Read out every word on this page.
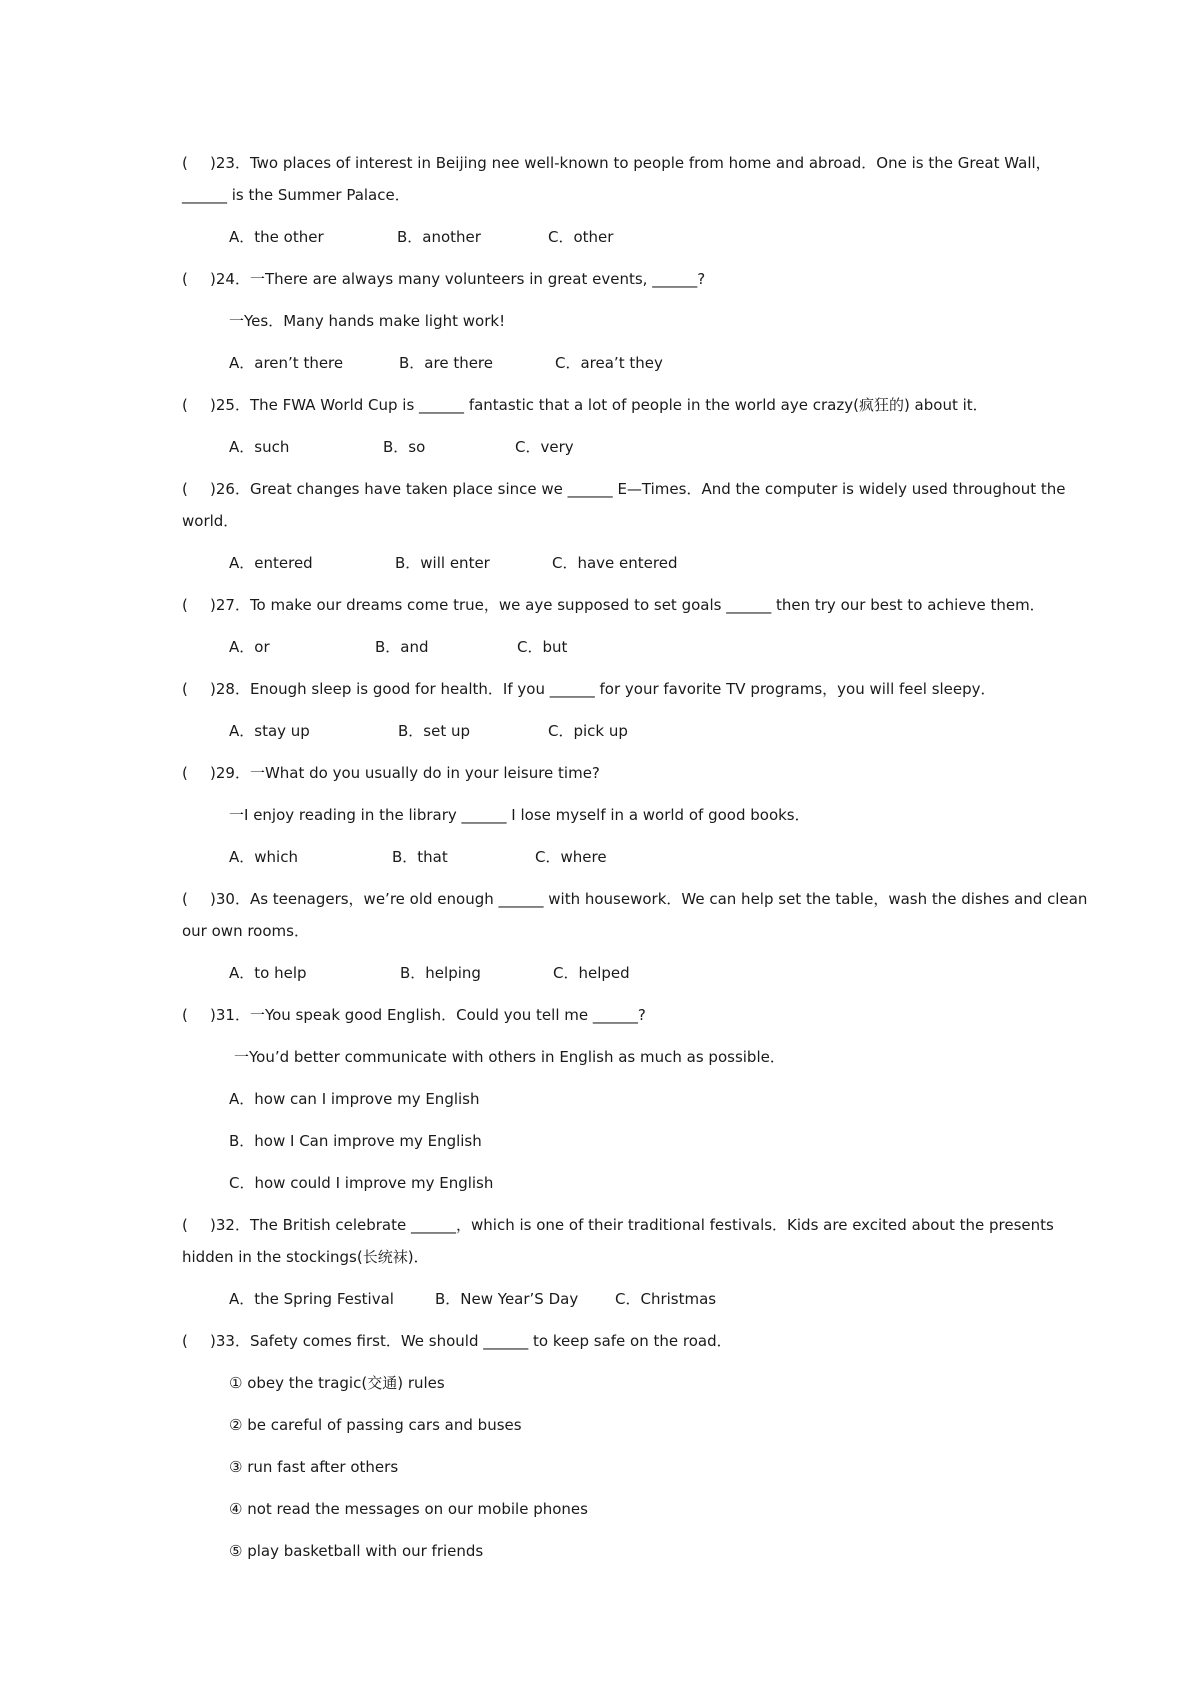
( )23．Two places of interest in Beijing nee well-known to people from home and abroad．One is the Great Wall，
______ is the Summer Palace．
A．the other	B．another	C．other
( )24．一There are always many volunteers in great events, ______?
一Yes．Many hands make light work!
A．aren’t there	B．are there	C．area’t they
( )25．The FWA World Cup is ______ fantastic that a lot of people in the world aye crazy(疯狂的) about it．
A．such	B．so	C．very
( )26．Great changes have taken place since we ______ E—Times．And the computer is widely used throughout the
world．
A．entered	B．will enter	C．have entered
( )27．To make our dreams come true，we aye supposed to set goals ______ then try our best to achieve them．
A．or	B．and	C．but
( )28．Enough sleep is good for health．If you ______ for your favorite TV programs，you will feel sleepy．
A．stay up	B．set up	C．pick up
( )29．一What do you usually do in your leisure time?
一I enjoy reading in the library ______ I lose myself in a world of good books．
A．which	B．that	C．where
( )30．As teenagers，we’re old enough ______ with housework．We can help set the table，wash the dishes and clean
our own rooms．
A．to help	B．helping	C．helped
( )31．一You speak good English．Could you tell me ______?
一You’d better communicate with others in English as much as possible．
A．how can I improve my English
B．how I Can improve my English
C．how could I improve my English
( )32．The British celebrate ______，which is one of their traditional festivals．Kids are excited about the presents
hidden in the stockings(长统袜)．
A．the Spring Festival	B．New Year’S Day C．Christmas
( )33．Safety comes first．We should ______ to keep safe on the road．
① obey the tragic(交通) rules
② be careful of passing cars and buses
③ run fast after others
④ not read the messages on our mobile phones
⑤ play basketball with our friends
